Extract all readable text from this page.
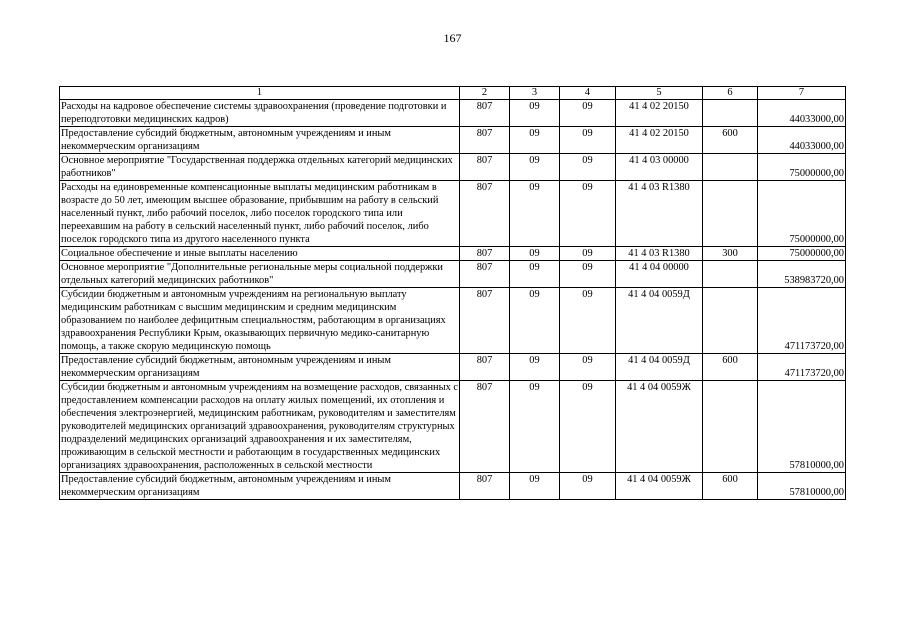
167
1	2	3	4	5	6	7
Расходы на кадровое обеспечение системы здравоохранения (проведение подготовки и переподготовки медицинских кадров)	807	09	09	41 4 02 20150		44033000,00
Предоставление субсидий бюджетным, автономным учреждениям и иным некоммерческим организациям	807	09	09	41 4 02 20150	600	44033000,00
Основное мероприятие "Государственная поддержка отдельных категорий медицинских работников"	807	09	09	41 4 03 00000		75000000,00
Расходы на единовременные компенсационные выплаты медицинским работникам в возрасте до 50 лет, имеющим высшее образование, прибывшим на работу в сельский населенный пункт, либо рабочий поселок, либо поселок городского типа или переехавшим на работу в сельский населенный пункт, либо рабочий поселок, либо поселок городского типа из другого населенного пункта	807	09	09	41 4 03 R1380		75000000,00
Социальное обеспечение и иные выплаты населению	807	09	09	41 4 03 R1380	300	75000000,00
Основное мероприятие "Дополнительные региональные меры социальной поддержки отдельных категорий медицинских работников"	807	09	09	41 4 04 00000		538983720,00
Субсидии бюджетным и автономным учреждениям на региональную выплату медицинским работникам с высшим медицинским и средним медицинским образованием по наиболее дефицитным специальностям, работающим в организациях здравоохранения Республики Крым, оказывающих первичную медико-санитарную помощь, а также скорую медицинскую помощь	807	09	09	41 4 04 0059Д		471173720,00
Предоставление субсидий бюджетным, автономным учреждениям и иным некоммерческим организациям	807	09	09	41 4 04 0059Д	600	471173720,00
Субсидии бюджетным и автономным учреждениям на возмещение расходов, связанных с предоставлением компенсации расходов на оплату жилых помещений, их отопления и обеспечения электроэнергией, медицинским работникам, руководителям и заместителям руководителей медицинских организаций здравоохранения, руководителям структурных подразделений медицинских организаций здравоохранения и их заместителям, проживающим в сельской местности и работающим в государственных медицинских организациях здравоохранения, расположенных в сельской местности	807	09	09	41 4 04 0059Ж		57810000,00
Предоставление субсидий бюджетным, автономным учреждениям и иным некоммерческим организациям	807	09	09	41 4 04 0059Ж	600	57810000,00
